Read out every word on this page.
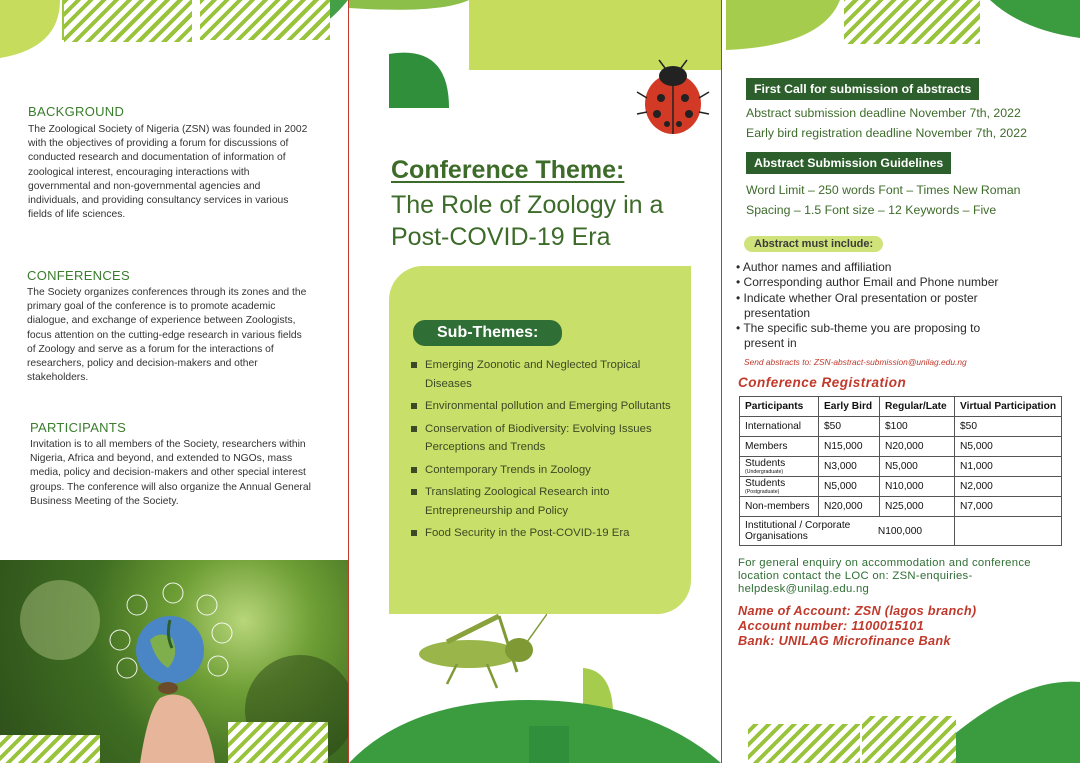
BACKGROUND
The Zoological Society of Nigeria (ZSN) was founded in 2002 with the objectives of providing a forum for discussions of conducted research and documentation of information of zoological interest, encouraging interactions with governmental and non-governmental agencies and individuals, and providing consultancy services in various fields of life sciences.
CONFERENCES
The Society organizes conferences through its zones and the primary goal of the conference is to promote academic dialogue, and exchange of experience between Zoologists, focus attention on the cutting-edge research in various fields of Zoology and serve as a forum for the interactions of researchers, policy and decision-makers and other stakeholders.
PARTICIPANTS
Invitation is to all members of the Society, researchers within Nigeria, Africa and beyond, and extended to NGOs, mass media, policy and decision-makers and other special interest groups. The conference will also organize the Annual General Business Meeting of the Society.
Conference Theme:
The Role of Zoology in a Post-COVID-19 Era
Sub-Themes:
Emerging Zoonotic and Neglected Tropical Diseases
Environmental pollution and Emerging Pollutants
Conservation of Biodiversity: Evolving Issues Perceptions and Trends
Contemporary Trends in Zoology
Translating Zoological Research into Entrepreneurship and Policy
Food Security in the Post-COVID-19 Era
First Call for submission of abstracts
Abstract submission deadline November 7th, 2022
Early bird registration deadline November 7th, 2022
Abstract Submission Guidelines
Word Limit – 250 words Font – Times New Roman
Spacing – 1.5 Font size – 12 Keywords – Five
Abstract must include:
• Author names and affiliation
• Corresponding author Email and Phone number
• Indicate whether Oral presentation or poster presentation
• The specific sub-theme you are proposing to present in
Send abstracts to: ZSN-abstract-submission@unilag.edu.ng
Conference Registration
Participants	Early Bird	Regular/Late	Virtual Participation
International	$50	$100	$50
Members	N15,000	N20,000	N5,000
Students
(Undergraduate)	N3,000	N5,000	N1,000
Students
(Postgraduate)	N5,000	N10,000	N2,000
Non-members	N20,000	N25,000	N7,000
Institutional / Corporate Organisations N100,000			
For general enquiry on accommodation and conference location contact the LOC on: ZSN-enquiries-helpdesk@unilag.edu.ng
Name of Account: ZSN (lagos branch)
Account number: 1100015101
Bank: UNILAG Microfinance Bank
